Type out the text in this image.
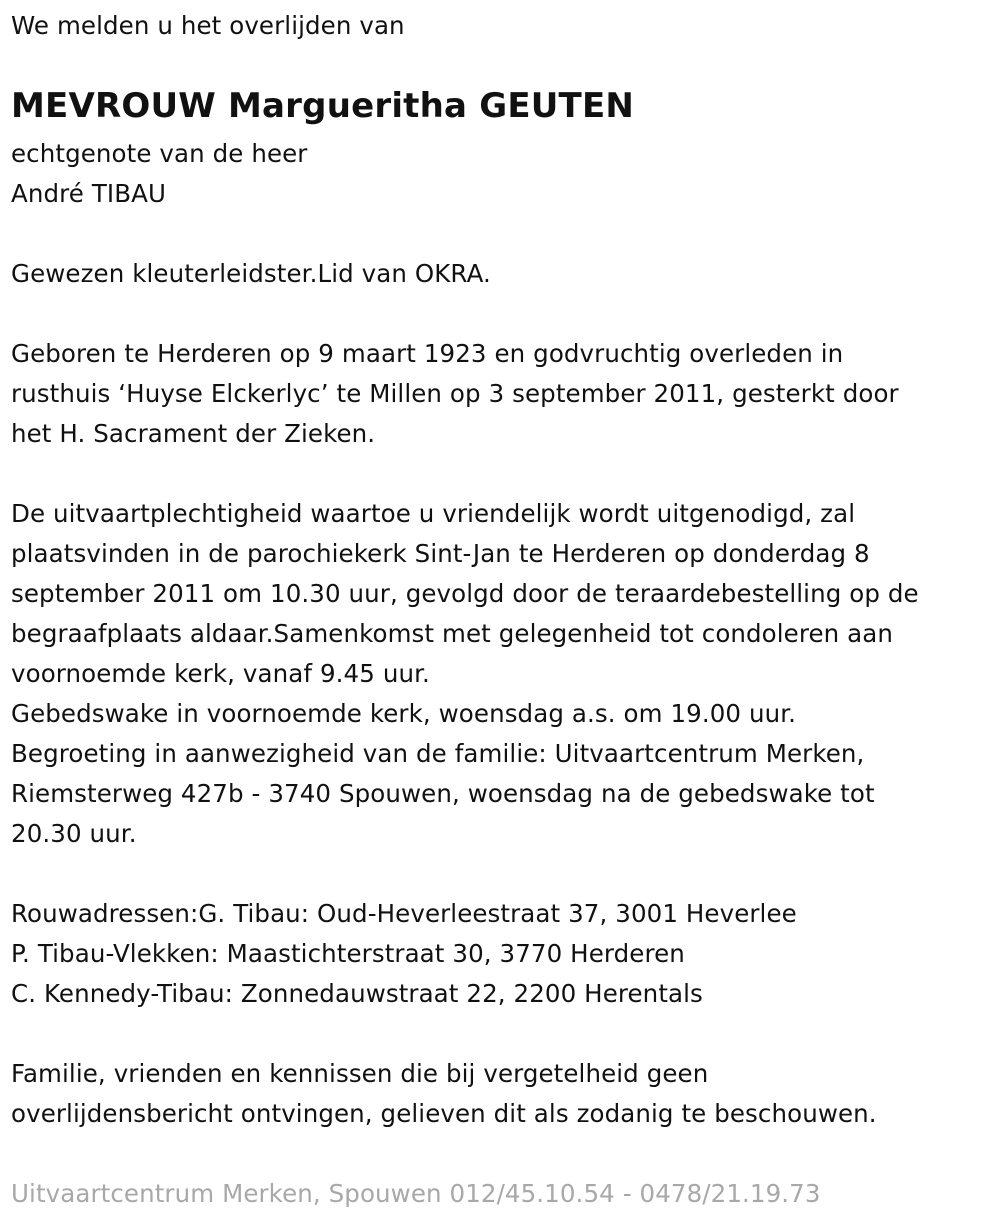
We melden u het overlijden van
MEVROUW Margueritha GEUTEN
echtgenote van de heer
André TIBAU
Gewezen kleuterleidster.Lid van OKRA.
Geboren te Herderen op 9 maart 1923 en godvruchtig overleden in
rusthuis ‘Huyse Elckerlyc’ te Millen op 3 september 2011, gesterkt door
het H. Sacrament der Zieken.
De uitvaartplechtigheid waartoe u vriendelijk wordt uitgenodigd, zal
plaatsvinden in de parochiekerk Sint-Jan te Herderen op donderdag 8
september 2011 om 10.30 uur, gevolgd door de teraardebestelling op de
begraafplaats aldaar.Samenkomst met gelegenheid tot condoleren aan
voornoemde kerk, vanaf 9.45 uur.
Gebedswake in voornoemde kerk, woensdag a.s. om 19.00 uur.
Begroeting in aanwezigheid van de familie: Uitvaartcentrum Merken,
Riemsterweg 427b - 3740 Spouwen, woensdag na de gebedswake tot
20.30 uur.
Rouwadressen:G. Tibau: Oud-Heverleestraat 37, 3001 Heverlee
P. Tibau-Vlekken: Maastichterstraat 30, 3770 Herderen
C. Kennedy-Tibau: Zonnedauwstraat 22, 2200 Herentals
Familie, vrienden en kennissen die bij vergetelheid geen
overlijdensbericht ontvingen, gelieven dit als zodanig te beschouwen.
Uitvaartcentrum Merken, Spouwen 012/45.10.54 - 0478/21.19.73
